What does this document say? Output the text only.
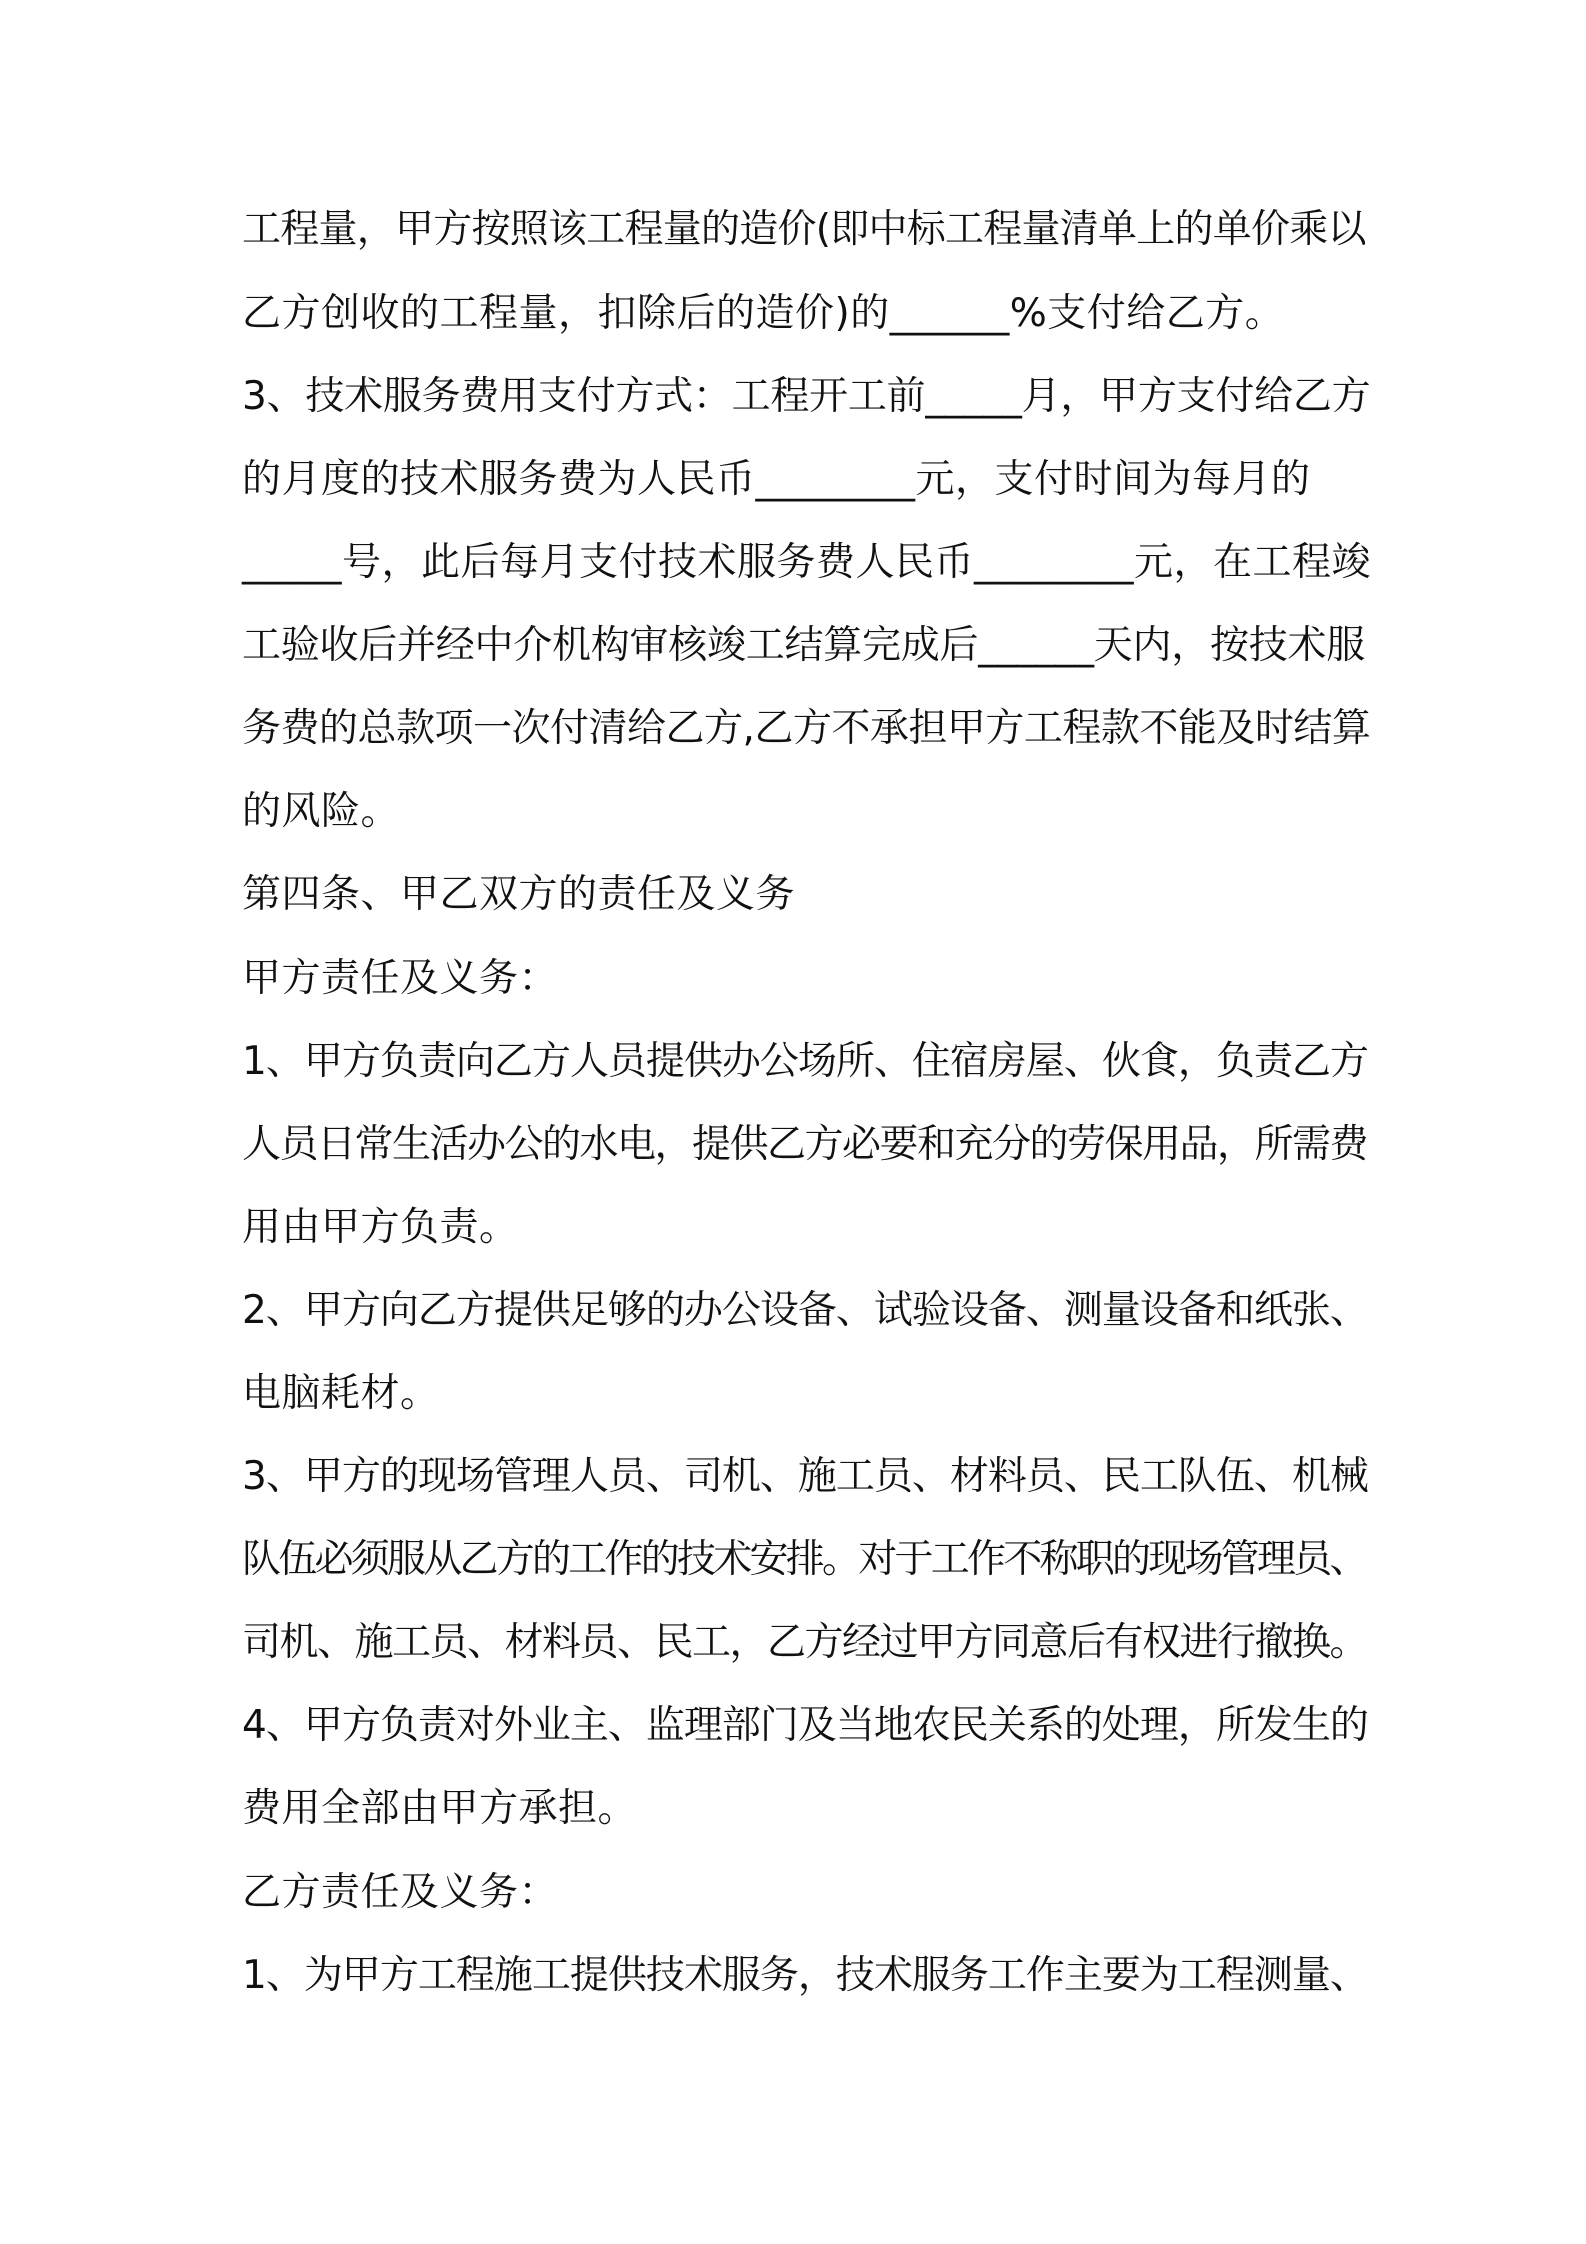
工程量，甲方按照该工程量的造价(即中标工程量清单上的单价乘以
乙方创收的工程量，扣除后的造价)的______%支付给乙方。
3、技术服务费用支付方式：工程开工前_____月，甲方支付给乙方
的月度的技术服务费为人民币________元，支付时间为每月的
_____号，此后每月支付技术服务费人民币________元，在工程竣
工验收后并经中介机构审核竣工结算完成后______天内，按技术服
务费的总款项一次付清给乙方,乙方不承担甲方工程款不能及时结算
的风险。
第四条、甲乙双方的责任及义务
甲方责任及义务：
1、甲方负责向乙方人员提供办公场所、住宿房屋、伙食，负责乙方
人员日常生活办公的水电，提供乙方必要和充分的劳保用品，所需费
用由甲方负责。
2、甲方向乙方提供足够的办公设备、试验设备、测量设备和纸张、
电脑耗材。
3、甲方的现场管理人员、司机、施工员、材料员、民工队伍、机械
队伍必须服从乙方的工作的技术安排。对于工作不称职的现场管理员、
司机、施工员、材料员、民工，乙方经过甲方同意后有权进行撤换。
4、甲方负责对外业主、监理部门及当地农民关系的处理，所发生的
费用全部由甲方承担。
乙方责任及义务：
1、为甲方工程施工提供技术服务，技术服务工作主要为工程测量、
